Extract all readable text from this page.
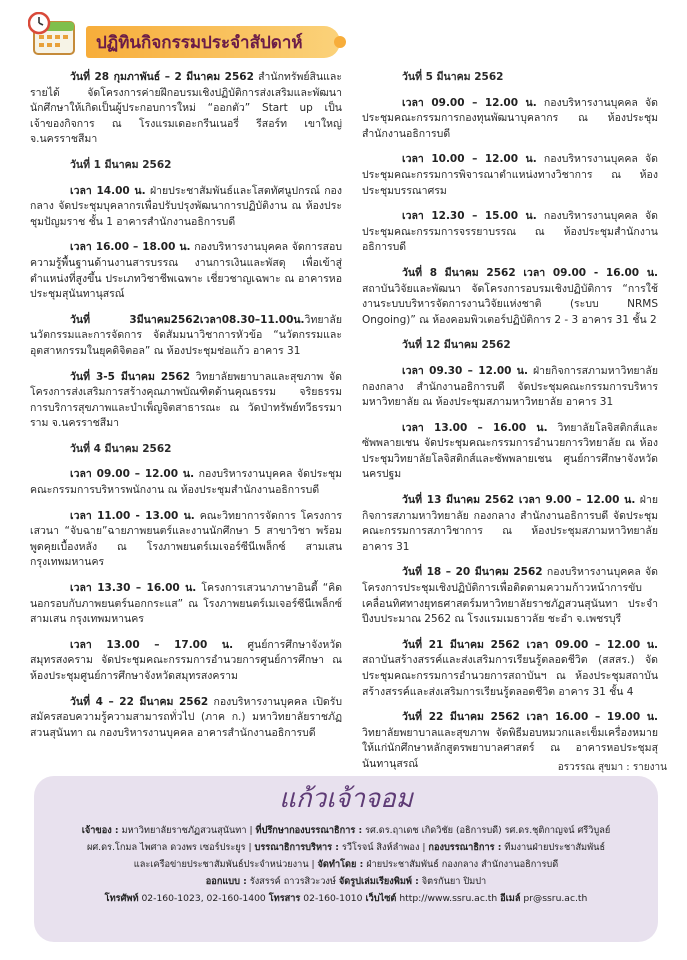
ปฏิทินกิจกรรมประจำสัปดาห์
วันที่ 28 กุมภาพันธ์ – 2 มีนาคม 2562 สำนักทรัพย์สินและรายได้ จัดโครงการค่ายฝึกอบรมเชิงปฏิบัติการส่งเสริมและพัฒนานักศึกษาให้เกิดเป็นผู้ประกอบการใหม่ “ออกตัว” Start up เป็นเจ้าของกิจการ ณ โรงแรมเดอะกรีนเนอรี่ รีสอร์ท เขาใหญ่ จ.นครราชสีมา
วันที่ 1 มีนาคม 2562
เวลา 14.00 น. ฝ่ายประชาสัมพันธ์และโสตทัศนูปกรณ์ กองกลาง จัดประชุมบุคลากรเพื่อปรับปรุงพัฒนาการปฏิบัติงาน ณ ห้องประชุมปัญมราช ชั้น 1 อาคารสำนักงานอธิการบดี
เวลา 16.00 – 18.00 น. กองบริหารงานบุคคล จัดการสอบความรู้พื้นฐานด้านงานสารบรรณ งานการเงินและพัสดุ เพื่อเข้าสู่ตำแหน่งที่สูงขึ้น ประเภทวิชาชีพเฉพาะ เชี่ยวชาญเฉพาะ ณ อาคารหอประชุมสุนันทานุสรณ์
วันที่ 3มีนาคม2562เวลา08.30–11.00น.วิทยาลัยนวัตกรรมและการจัดการ จัดสัมมนาวิชาการหัวข้อ “นวัตกรรมและอุตสาหกรรมในยุคดิจิตอล” ณ ห้องประชุมช่อแก้ว อาคาร 31
วันที่ 3-5 มีนาคม 2562 วิทยาลัยพยาบาลและสุขภาพ จัดโครงการส่งเสริมการสร้างคุณภาพบัณฑิตด้านคุณธรรม จริยธรรม การบริการสุขภาพและบำเพ็ญจิตสาธารณะ ณ วัดป่าทรัพย์ทวีธรรมาราม จ.นครราชสีมา
วันที่ 4 มีนาคม 2562
เวลา 09.00 – 12.00 น. กองบริหารงานบุคคล จัดประชุมคณะกรรมการบริหารพนักงาน ณ ห้องประชุมสำนักงานอธิการบดี
เวลา 11.00 - 13.00 น. คณะวิทยาการจัดการ โครงการเสวนา “จับฉาย”ฉายภาพยนตร์และงานนักศึกษา 5 สาขาวิชา พร้อมพูดคุยเบื้องหลัง ณ โรงภาพยนตร์เมเจอร์ซีนีเพล็กซ์ สามเสน กรุงเทพมหานคร
เวลา 13.30 – 16.00 น. โครงการเสวนาภาษาอินดี้ “คิดนอกรอบกับภาพยนตร์นอกกระแส” ณ โรงภาพยนตร์เมเจอร์ซีนีเพล็กซ์ สามเสน กรุงเทพมหานคร
เวลา 13.00 – 17.00 น. ศูนย์การศึกษาจังหวัดสมุทรสงคราม จัดประชุมคณะกรรมการอำนวยการศูนย์การศึกษา ณ ห้องประชุมศูนย์การศึกษาจังหวัดสมุทรสงคราม
วันที่ 4 – 22 มีนาคม 2562 กองบริหารงานบุคคล เปิดรับสมัครสอบความรู้ความสามารถทั่วไป (ภาค ก.) มหาวิทยาลัยราชภัฏสวนสุนันทา ณ กองบริหารงานบุคคล อาคารสำนักงานอธิการบดี
วันที่ 5 มีนาคม 2562
เวลา 09.00 – 12.00 น. กองบริหารงานบุคคล จัดประชุมคณะกรรมการกองทุนพัฒนาบุคลากร ณ ห้องประชุมสำนักงานอธิการบดี
เวลา 10.00 – 12.00 น. กองบริหารงานบุคคล จัดประชุมคณะกรรมการพิจารณาตำแหน่งทางวิชาการ ณ ห้องประชุมบรรณาศรม
เวลา 12.30 – 15.00 น. กองบริหารงานบุคคล จัดประชุมคณะกรรมการจรรยาบรรณ ณ ห้องประชุมสำนักงานอธิการบดี
วันที่ 8 มีนาคม 2562 เวลา 09.00 - 16.00 น. สถาบันวิจัยและพัฒนา จัดโครงการอบรมเชิงปฏิบัติการ “การใช้งานระบบบริหารจัดการงานวิจัยแห่งชาติ (ระบบ NRMS Ongoing)” ณ ห้องคอมพิวเตอร์ปฏิบัติการ 2 - 3 อาคาร 31 ชั้น 2
วันที่ 12 มีนาคม 2562
เวลา 09.30 – 12.00 น. ฝ่ายกิจการสภามหาวิทยาลัย กองกลาง สำนักงานอธิการบดี จัดประชุมคณะกรรมการบริหารมหาวิทยาลัย ณ ห้องประชุมสภามหาวิทยาลัย อาคาร 31
เวลา 13.00 – 16.00 น. วิทยาลัยโลจิสติกส์และซัพพลายเชน จัดประชุมคณะกรรมการอำนวยการวิทยาลัย ณ ห้องประชุมวิทยาลัยโลจิสติกส์และซัพพลายเชน ศูนย์การศึกษาจังหวัดนครปฐม
วันที่ 13 มีนาคม 2562 เวลา 9.00 – 12.00 น. ฝ่ายกิจการสภามหาวิทยาลัย กองกลาง สำนักงานอธิการบดี จัดประชุมคณะกรรมการสภาวิชาการ ณ ห้องประชุมสภามหาวิทยาลัย อาคาร 31
วันที่ 18 – 20 มีนาคม 2562 กองบริหารงานบุคคล จัดโครงการประชุมเชิงปฏิบัติการเพื่อติดตามความก้าวหน้าการขับเคลื่อนทิศทางยุทธศาสตร์มหาวิทยาลัยราชภัฏสวนสุนันทา ประจำปีงบประมาณ 2562 ณ โรงแรมเมธาวลัย ชะอำ จ.เพชรบุรี
วันที่ 21 มีนาคม 2562 เวลา 09.00 – 12.00 น. สถาบันสร้างสรรค์และส่งเสริมการเรียนรู้ตลอดชีวิต (สสสร.) จัดประชุมคณะกรรมการอำนวยการสถาบันฯ ณ ห้องประชุมสถาบันสร้างสรรค์และส่งเสริมการเรียนรู้ตลอดชีวิต อาคาร 31 ชั้น 4
วันที่ 22 มีนาคม 2562 เวลา 16.00 – 19.00 น. วิทยาลัยพยาบาลและสุขภาพ จัดพิธีมอบหมวกและเข็มเครื่องหมายให้แก่นักศึกษาหลักสูตรพยาบาลศาสตร์ ณ อาคารหอประชุมสุนันทานุสรณ์	อรวรรณ สุขมา : รายงาน
แก้วเจ้าจอม
เจ้าของ : มหาวิทยาลัยราชภัฏสวนสุนันทา | ที่ปรึกษากองบรรณาธิการ : รศ.ดร.ฤาเดช เกิดวิชัย (อธิการบดี) รศ.ดร.ชุติกาญจน์ ศรีวิบูลย์
ผศ.ดร.โกมล ไพศาล ดวงพร เซอร์ประยูร | บรรณาธิการบริหาร : รวีโรจน์ สิงห์ลำพอง | กองบรรณาธิการ : ทีมงานฝ่ายประชาสัมพันธ์
และเครือข่ายประชาสัมพันธ์ประจำหน่วยงาน | จัดทำโดย : ฝ่ายประชาสัมพันธ์ กองกลาง สำนักงานอธิการบดี
ออกแบบ : รังสรรค์ ถาวรสิวะวงษ์ จัดรูปเล่มเรียงพิมพ์ : จิตรกันยา ปิมปา
โทรศัพท์ 02-160-1023, 02-160-1400 โทรสาร 02-160-1010 เว็บไซต์ http://www.ssru.ac.th อีเมล์ pr@ssru.ac.th
